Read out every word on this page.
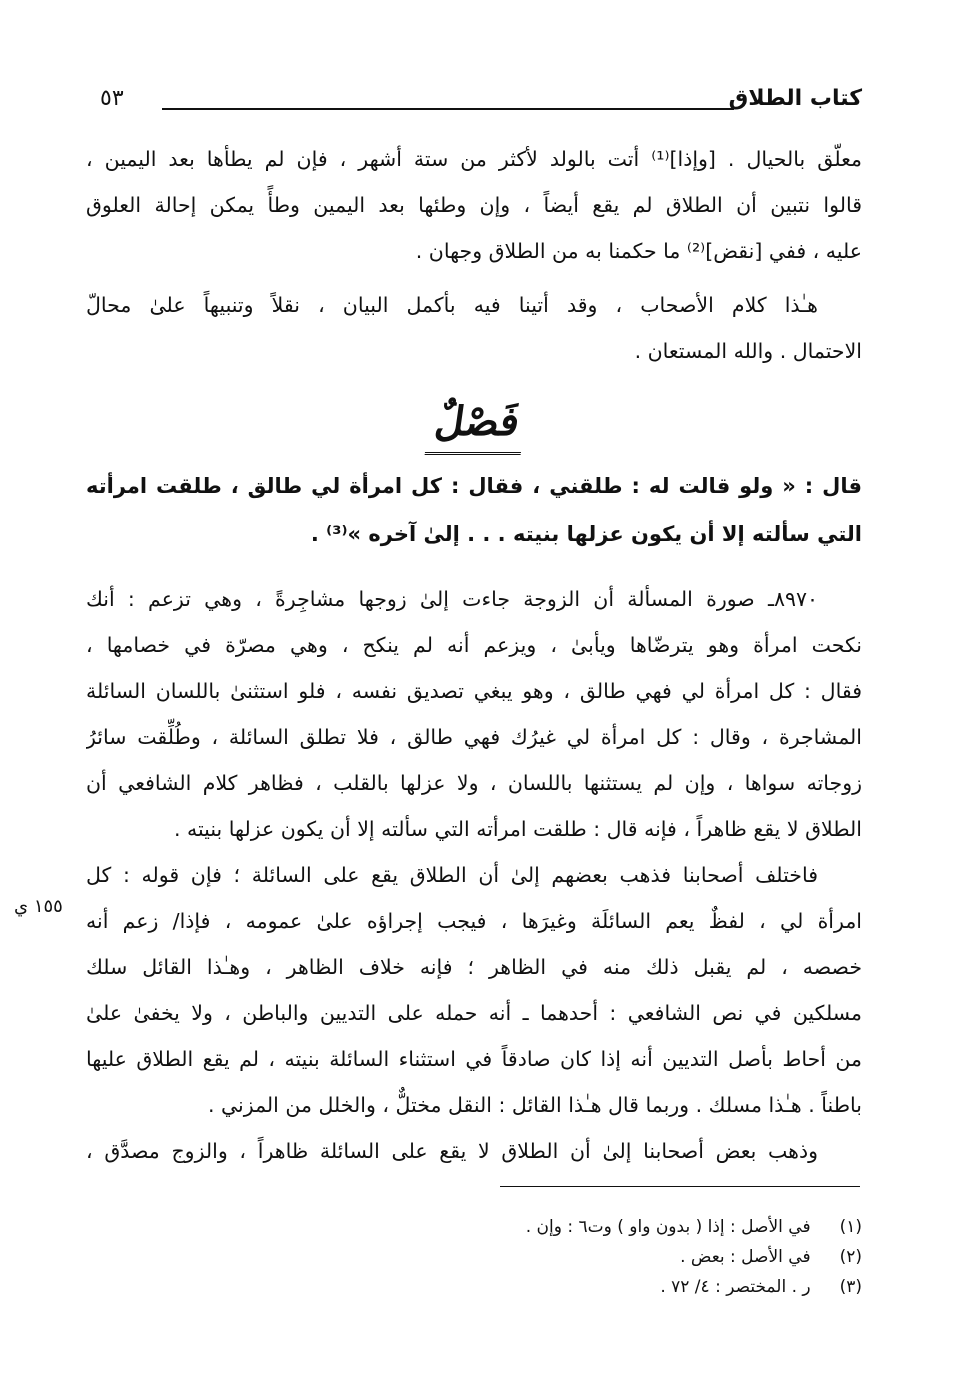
كتاب الطلاق
٥٣
معلّق بالحيال . [وإذا]⁽¹⁾ أتت بالولد لأكثر من ستة أشهر ، فإن لم يطأها بعد اليمين ،
قالوا نتبين أن الطلاق لم يقع أيضاً ، وإن وطئها بعد اليمين وطأً يمكن إحالة العلوق
عليه ، ففي [نقض]⁽²⁾ ما حكمنا به من الطلاق وجهان .
هـٰذا كلام الأصحاب ، وقد أتينا فيه بأكمل البيان ، نقلاً وتنبيهاً علىٰ محالّ
الاحتمال . والله المستعان .
فَصْلٌ
قال : « ولو قالت له : طلقني ، فقال : كل امرأة لي طالق ، طلقت امرأته
التي سألته إلا أن يكون عزلها بنيته . . . إلىٰ آخره »⁽³⁾ .
٨٩٧٠ـ صورة المسألة أن الزوجة جاءت إلىٰ زوجها مشاجِرةً ، وهي تزعم : أنك
نكحت امرأة وهو يترضّاها ويأبىٰ ، ويزعم أنه لم ينكح ، وهي مصرّة في خصامها ،
فقال : كل امرأة لي فهي طالق ، وهو يبغي تصديق نفسه ، فلو استثنىٰ باللسان السائلة
المشاجرة ، وقال : كل امرأة لي غيرُك فهي طالق ، فلا تطلق السائلة ، وطُلِّقت سائرُ
زوجاته سواها ، وإن لم يستثنها باللسان ، ولا عزلها بالقلب ، فظاهر كلام الشافعي أن
الطلاق لا يقع ظاهراً ، فإنه قال : طلقت امرأته التي سألته إلا أن يكون عزلها بنيته .
فاختلف أصحابنا فذهب بعضهم إلىٰ أن الطلاق يقع على السائلة ؛ فإن قوله : كل
امرأة لي ، لفظٌ يعم السائلَة وغيرَها ، فيجب إجراؤه علىٰ عمومه ، فإذا/ زعم أنه
خصصه ، لم يقبل ذلك منه في الظاهر ؛ فإنه خلاف الظاهر ، وهـٰذا القائل سلك
مسلكين في نص الشافعي : أحدهما ـ أنه حمله على التديين والباطن ، ولا يخفىٰ علىٰ
من أحاط بأصل التديين أنه إذا كان صادقاً في استثناء السائلة بنيته ، لم يقع الطلاق عليها
باطناً . هـٰذا مسلك . وربما قال هـٰذا القائل : النقل مختلٌّ ، والخلل من المزني .
١٥٥ ي
وذهب بعض أصحابنا إلىٰ أن الطلاق لا يقع على السائلة ظاهراً ، والزوج مصدَّق ،
(١) في الأصل : إذا ( بدون واو ) وت٦ : وإن .
(٢) في الأصل : بعض .
(٣) ر . المختصر : ٤/ ٧٢ .
